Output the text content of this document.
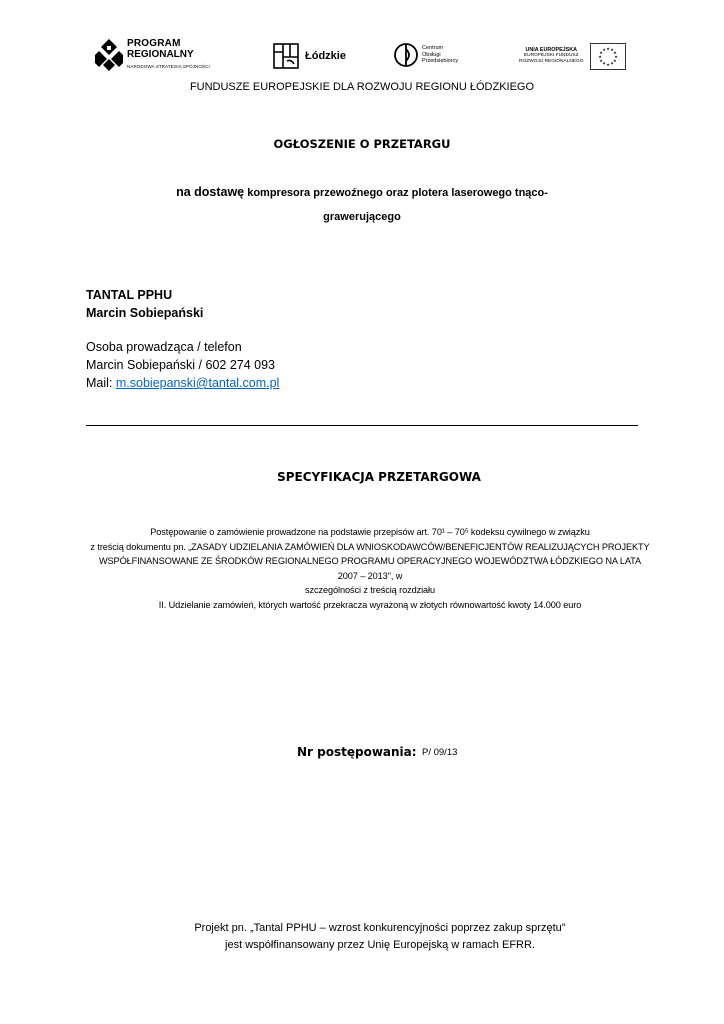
PROGRAM
REGIONALNY
NARODOWA STRATEGIA SPÓJNOŚCI
Łódzkie
Centrum
Obsługi
Przedsiębiorcy
UNIA EUROPEJSKA
EUROPEJSKI FUNDUSZ
ROZWOJU REGIONALNEGO
★
★
★
★
★
★
★
★
★ ★ ★
★
FUNDUSZE EUROPEJSKIE DLA ROZWOJU REGIONU ŁÓDZKIEGO
OGŁOSZENIE O PRZETARGU
na dostawę kompresora przewoźnego oraz plotera laserowego tnąco-
grawerującego
TANTAL PPHU
Marcin Sobiepański
Osoba prowadząca / telefon
Marcin Sobiepański / 602 274 093
Mail: m.sobiepanski@tantal.com.pl
SPECYFIKACJA PRZETARGOWA
Postępowanie o zamówienie prowadzone na podstawie przepisów art. 70¹ – 70⁵ kodeksu cywilnego w związku
z treścią dokumentu pn. „ZASADY UDZIELANIA ZAMÓWIEŃ DLA WNIOSKODAWCÓW/BENEFICJENTÓW REALIZUJĄCYCH PROJEKTY
WSPÓŁFINANSOWANE ZE ŚRODKÓW REGIONALNEGO PROGRAMU OPERACYJNEGO WOJEWÓDZTWA ŁÓDZKIEGO NA LATA 2007 – 2013", w
szczególności z treścią rozdziału
II. Udzielanie zamówień, których wartość przekracza wyrażoną w złotych równowartość kwoty 14.000 euro
Nr postępowania: P/ 09/13
Projekt pn. „Tantal PPHU – wzrost konkurencyjności poprzez zakup sprzętu"
jest współfinansowany przez Unię Europejską w ramach EFRR.
